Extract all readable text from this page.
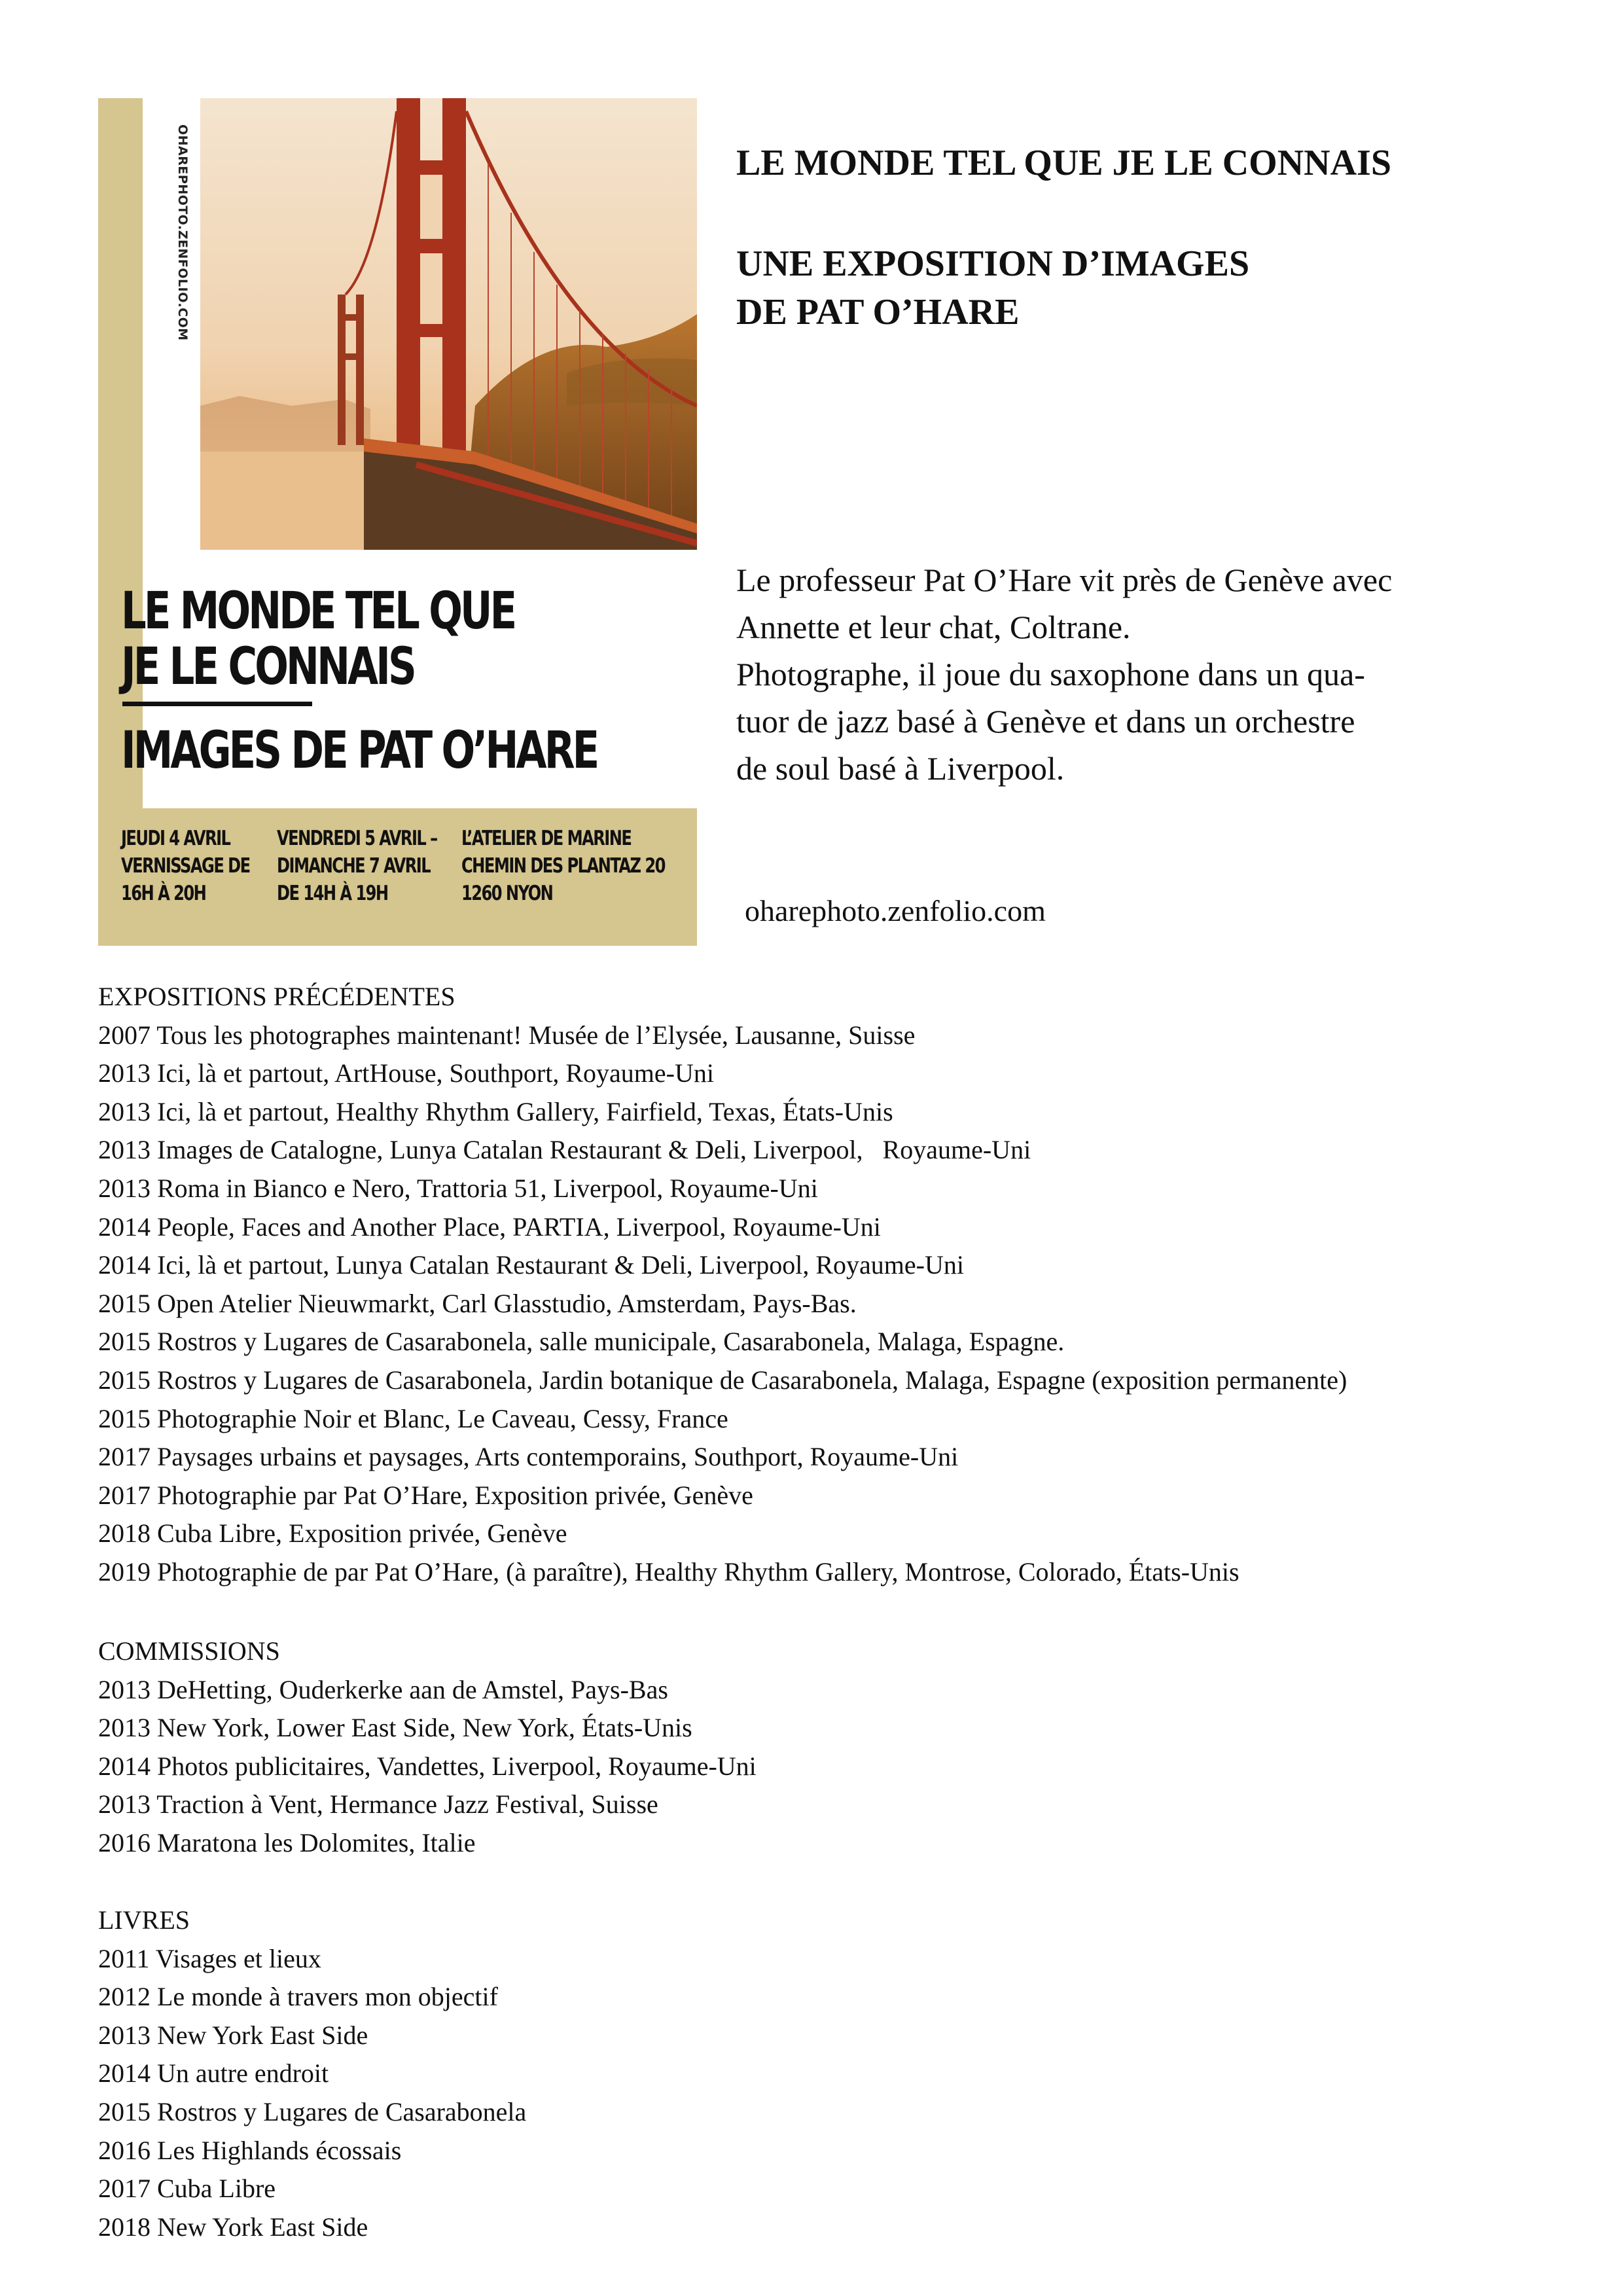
OHAREPHOTO.ZENFOLIO.COM
LE MONDE TEL QUE
JE LE CONNAIS
IMAGES DE PAT O’HARE
JEUDI 4 AVRIL
VERNISSAGE DE
16H À 20H
VENDREDI 5 AVRIL –
DIMANCHE 7 AVRIL
DE 14H À 19H
L’ATELIER DE MARINE
CHEMIN DES PLANTAZ 20
1260 NYON
LE MONDE TEL QUE JE LE CONNAIS
UNE EXPOSITION D’IMAGES
DE PAT O’HARE
Le professeur Pat O’Hare vit près de Genève avec
Annette et leur chat, Coltrane.
Photographe, il joue du saxophone dans un qua-
tuor de jazz basé à Genève et dans un orchestre
de soul basé à Liverpool.
oharephoto.zenfolio.com
EXPOSITIONS PRÉCÉDENTES
2007 Tous les photographes maintenant! Musée de l’Elysée, Lausanne, Suisse
2013 Ici, là et partout, ArtHouse, Southport, Royaume-Uni
2013 Ici, là et partout, Healthy Rhythm Gallery, Fairfield, Texas, États-Unis
2013 Images de Catalogne, Lunya Catalan Restaurant & Deli, Liverpool,   Royaume-Uni
2013 Roma in Bianco e Nero, Trattoria 51, Liverpool, Royaume-Uni
2014 People, Faces and Another Place, PARTIA, Liverpool, Royaume-Uni
2014 Ici, là et partout, Lunya Catalan Restaurant & Deli, Liverpool, Royaume-Uni
2015 Open Atelier Nieuwmarkt, Carl Glasstudio, Amsterdam, Pays-Bas.
2015 Rostros y Lugares de Casarabonela, salle municipale, Casarabonela, Malaga, Espagne.
2015 Rostros y Lugares de Casarabonela, Jardin botanique de Casarabonela, Malaga, Espagne (exposition permanente)
2015 Photographie Noir et Blanc, Le Caveau, Cessy, France
2017 Paysages urbains et paysages, Arts contemporains, Southport, Royaume-Uni
2017 Photographie par Pat O’Hare, Exposition privée, Genève
2018 Cuba Libre, Exposition privée, Genève
2019 Photographie de par Pat O’Hare, (à paraître), Healthy Rhythm Gallery, Montrose, Colorado, États-Unis
COMMISSIONS
2013 DeHetting, Ouderkerke aan de Amstel, Pays-Bas
2013 New York, Lower East Side, New York, États-Unis
2014 Photos publicitaires, Vandettes, Liverpool, Royaume-Uni
2013 Traction à Vent, Hermance Jazz Festival, Suisse
2016 Maratona les Dolomites, Italie
LIVRES
2011 Visages et lieux
2012 Le monde à travers mon objectif
2013 New York East Side
2014 Un autre endroit
2015 Rostros y Lugares de Casarabonela
2016 Les Highlands écossais
2017 Cuba Libre
2018 New York East Side
